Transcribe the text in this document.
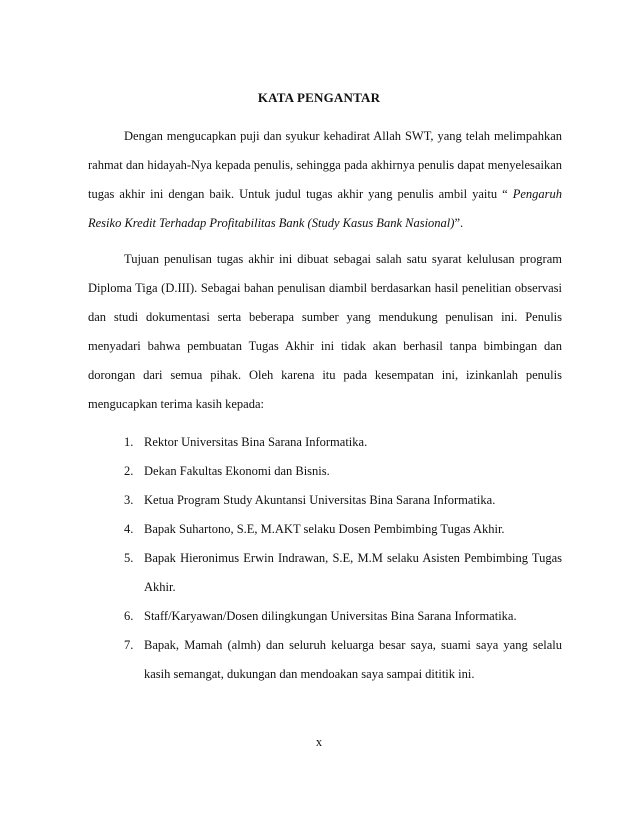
KATA PENGANTAR
Dengan mengucapkan puji dan syukur kehadirat Allah SWT, yang telah melimpahkan rahmat dan hidayah-Nya kepada penulis, sehingga pada akhirnya penulis dapat menyelesaikan tugas akhir ini dengan baik. Untuk judul tugas akhir yang penulis ambil yaitu “ Pengaruh Resiko Kredit Terhadap Profitabilitas Bank (Study Kasus Bank Nasional)”.
Tujuan penulisan tugas akhir ini dibuat sebagai salah satu syarat kelulusan program Diploma Tiga (D.III). Sebagai bahan penulisan diambil berdasarkan hasil penelitian observasi dan studi dokumentasi serta beberapa sumber yang mendukung penulisan ini. Penulis menyadari bahwa pembuatan Tugas Akhir ini tidak akan berhasil tanpa bimbingan dan dorongan dari semua pihak. Oleh karena itu pada kesempatan ini, izinkanlah penulis mengucapkan terima kasih kepada:
1. Rektor Universitas Bina Sarana Informatika.
2. Dekan Fakultas Ekonomi dan Bisnis.
3. Ketua Program Study Akuntansi Universitas Bina Sarana Informatika.
4. Bapak Suhartono, S.E, M.AKT selaku Dosen Pembimbing Tugas Akhir.
5. Bapak Hieronimus Erwin Indrawan, S.E, M.M selaku Asisten Pembimbing Tugas Akhir.
6. Staff/Karyawan/Dosen dilingkungan Universitas Bina Sarana Informatika.
7. Bapak, Mamah (almh) dan seluruh keluarga besar saya, suami saya yang selalu kasih semangat, dukungan dan mendoakan saya sampai dititik ini.
x
